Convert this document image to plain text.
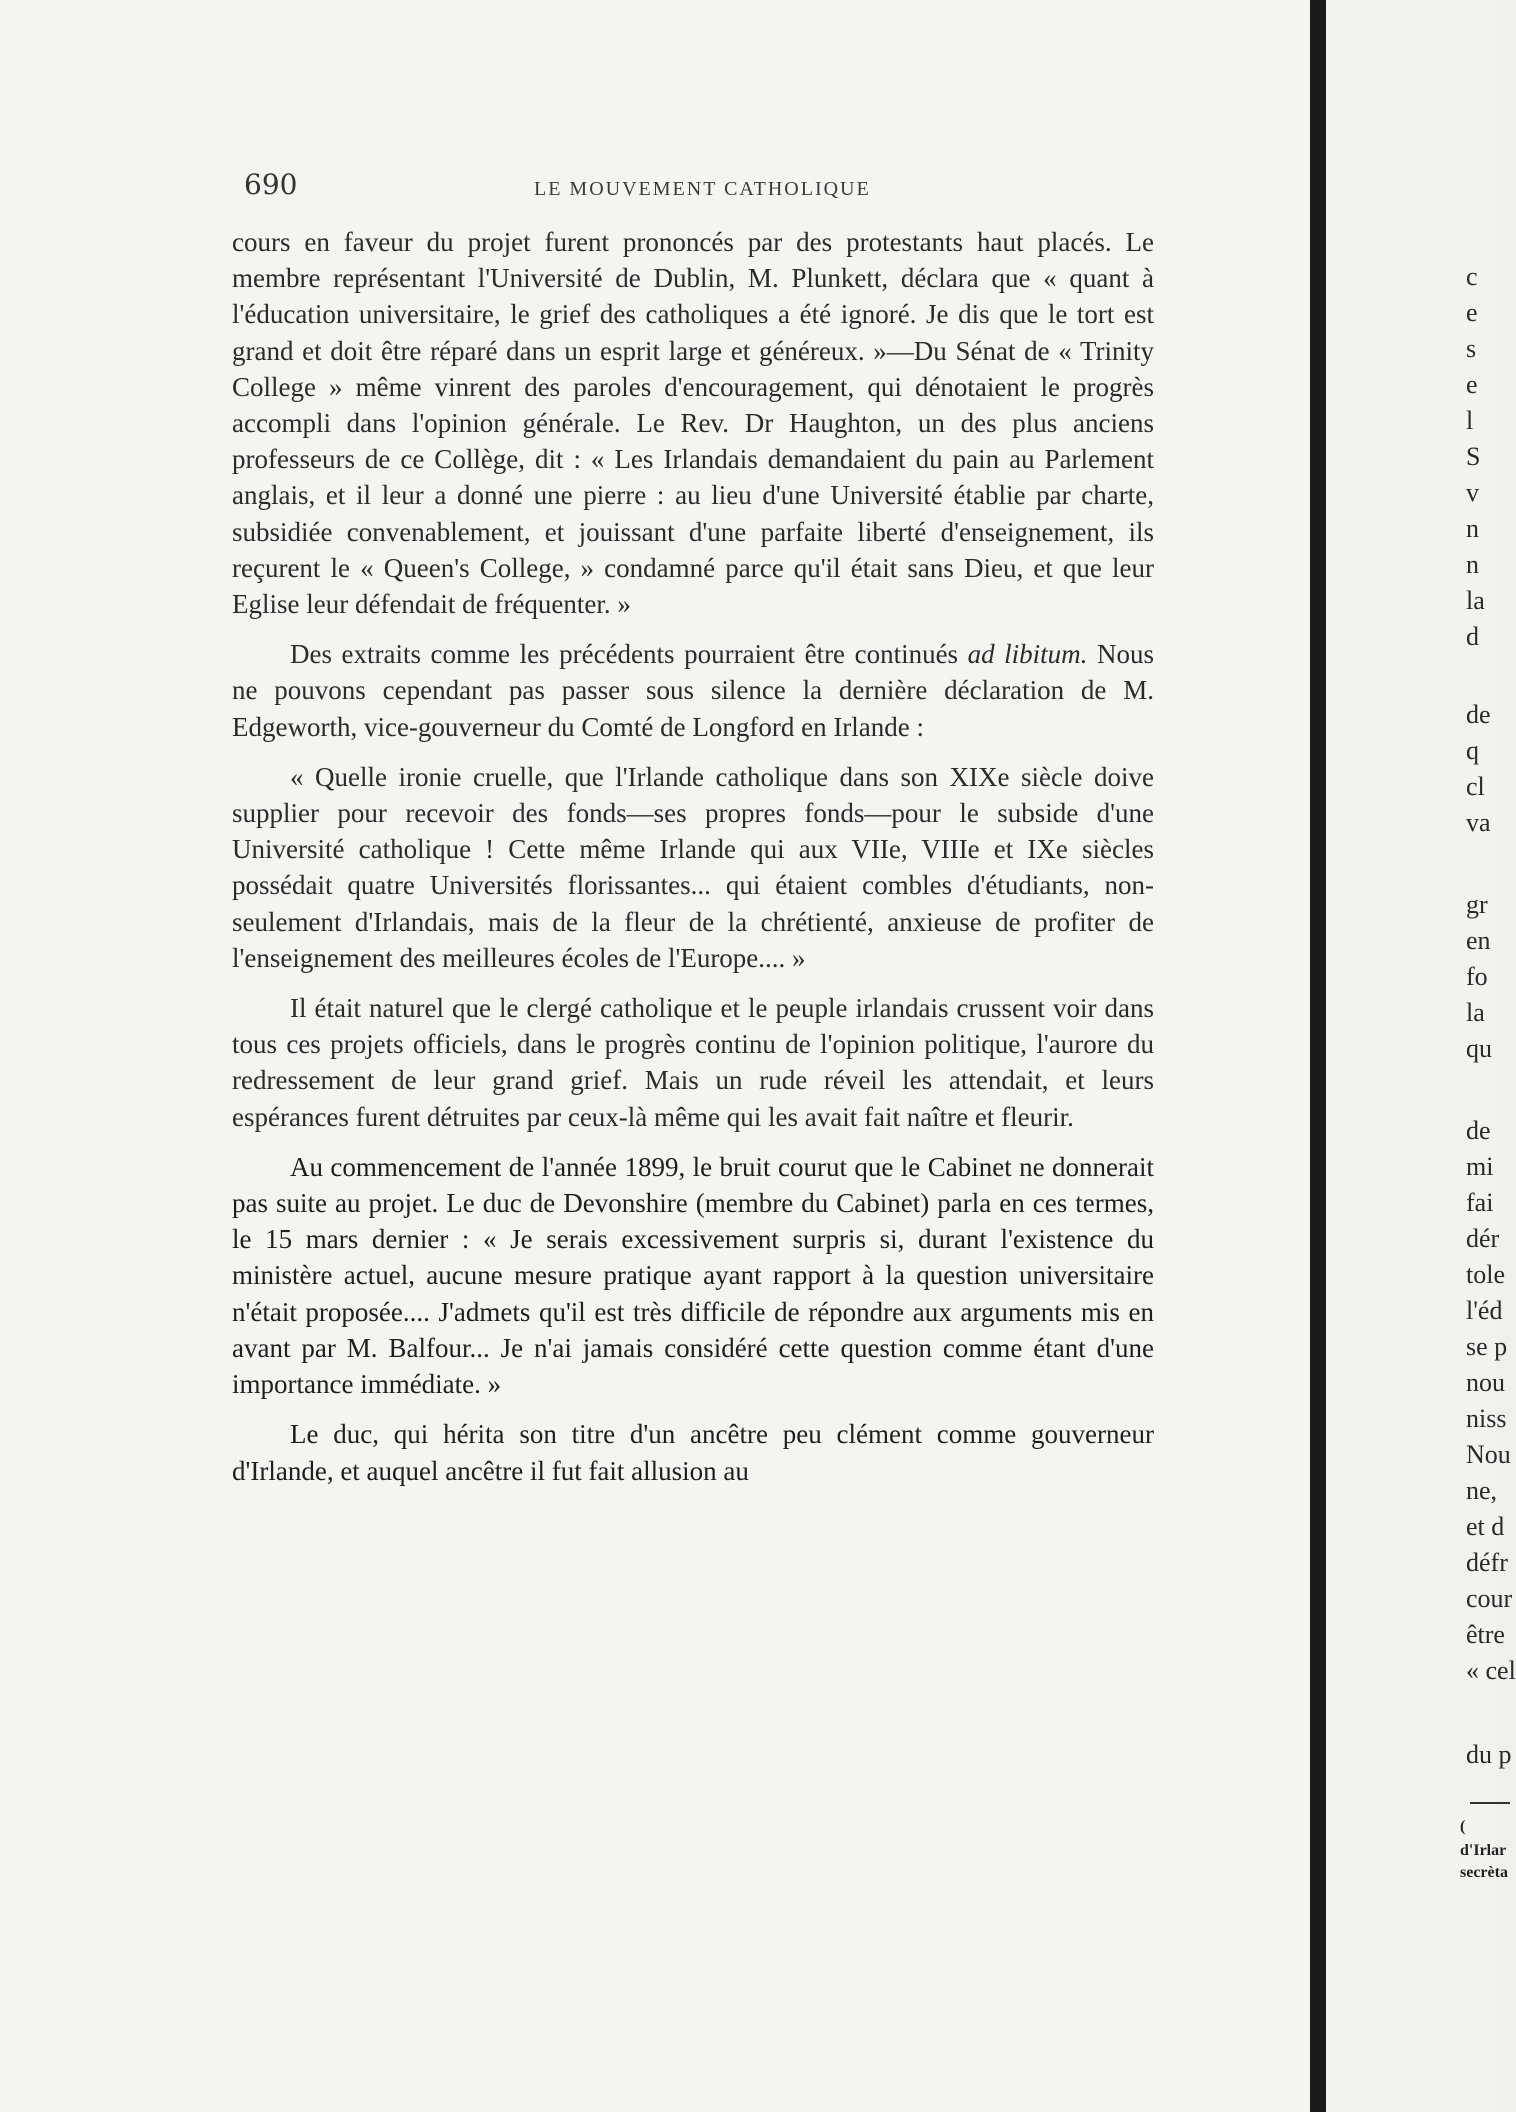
690	LE MOUVEMENT CATHOLIQUE

cours en faveur du projet furent prononcés par des protestants haut placés. Le membre représentant l'Université de Dublin, M. Plunkett, déclara que « quant à l'éducation universitaire, le grief des catholiques a été ignoré. Je dis que le tort est grand et doit être réparé dans un esprit large et généreux. »—Du Sénat de « Trinity College » même vinrent des paroles d'encouragement, qui dénotaient le progrès accompli dans l'opinion générale. Le Rev. Dr Haughton, un des plus anciens professeurs de ce Collège, dit : « Les Irlandais demandaient du pain au Parlement anglais, et il leur a donné une pierre : au lieu d'une Université établie par charte, subsidiée convenablement, et jouissant d'une parfaite liberté d'enseignement, ils reçurent le « Queen's College, » condamné parce qu'il était sans Dieu, et que leur Eglise leur défendait de fréquenter. »

Des extraits comme les précédents pourraient être continués ad libitum. Nous ne pouvons cependant pas passer sous silence la dernière déclaration de M. Edgeworth, vice-gouverneur du Comté de Longford en Irlande :

« Quelle ironie cruelle, que l'Irlande catholique dans son XIXe siècle doive supplier pour recevoir des fonds—ses propres fonds—pour le subside d'une Université catholique ! Cette même Irlande qui aux VIIe, VIIIe et IXe siècles possédait quatre Universités florissantes... qui étaient combles d'étudiants, non-seulement d'Irlandais, mais de la fleur de la chrétienté, anxieuse de profiter de l'enseignement des meilleures écoles de l'Europe.... »

Il était naturel que le clergé catholique et le peuple irlandais crussent voir dans tous ces projets officiels, dans le progrès continu de l'opinion politique, l'aurore du redressement de leur grand grief. Mais un rude réveil les attendait, et leurs espérances furent détruites par ceux-là même qui les avait fait naître et fleurir.

Au commencement de l'année 1899, le bruit courut que le Cabinet ne donnerait pas suite au projet. Le duc de Devonshire (membre du Cabinet) parla en ces termes, le 15 mars dernier : « Je serais excessivement surpris si, durant l'existence du ministère actuel, aucune mesure pratique ayant rapport à la question universitaire n'était proposée.... J'admets qu'il est très difficile de répondre aux arguments mis en avant par M. Balfour... Je n'ai jamais considéré cette question comme étant d'une importance immédiate. »

Le duc, qui hérita son titre d'un ancêtre peu clément comme gouverneur d'Irlande, et auquel ancêtre il fut fait allusion au

c
e
s
e
l
S
v
n
n
la
d
de
q
cl
va
gr
en
fo
la
qu
de
mi
fai
dér
tole
l'éd
se p
nou
niss
Nou
ne,
et d
défr
cour
être
« cel
du p
(
d'Irlar
secrèta
